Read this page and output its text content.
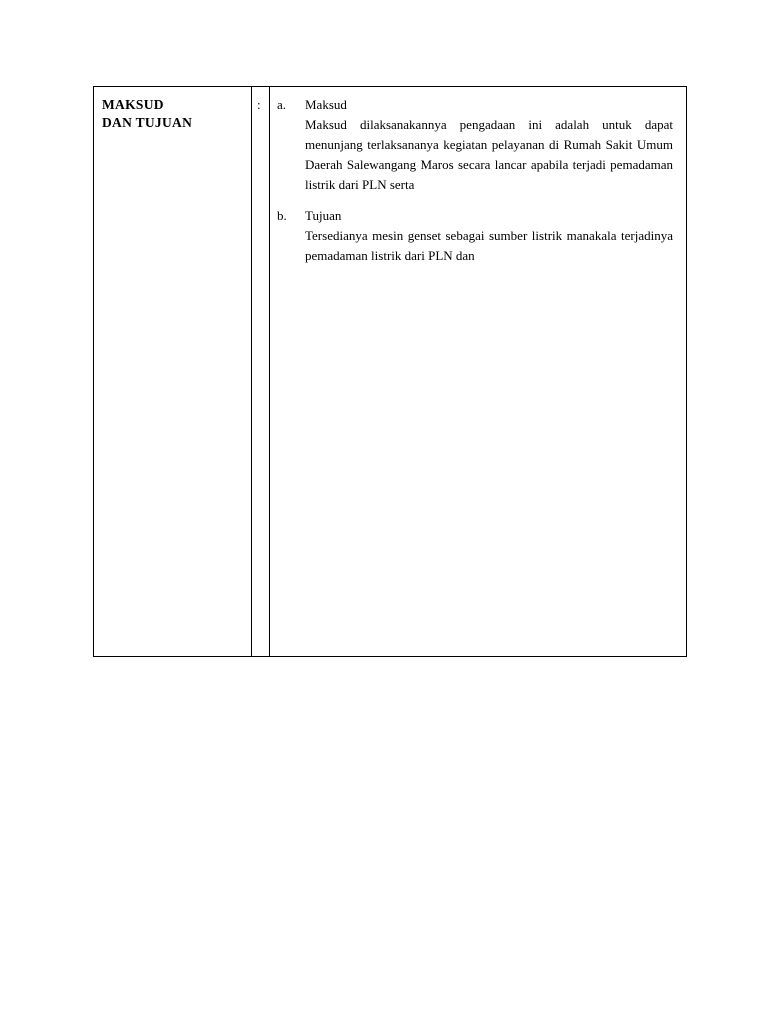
MAKSUD
DAN TUJUAN
: a. Maksud
Maksud dilaksanakannya pengadaan ini adalah untuk dapat menunjang terlaksananya kegiatan pelayanan di Rumah Sakit Umum Daerah Salewangang Maros secara lancar apabila terjadi pemadaman listrik dari PLN serta
b. Tujuan
Tersedianya mesin genset sebagai sumber listrik manakala terjadinya pemadaman listrik dari PLN dan
